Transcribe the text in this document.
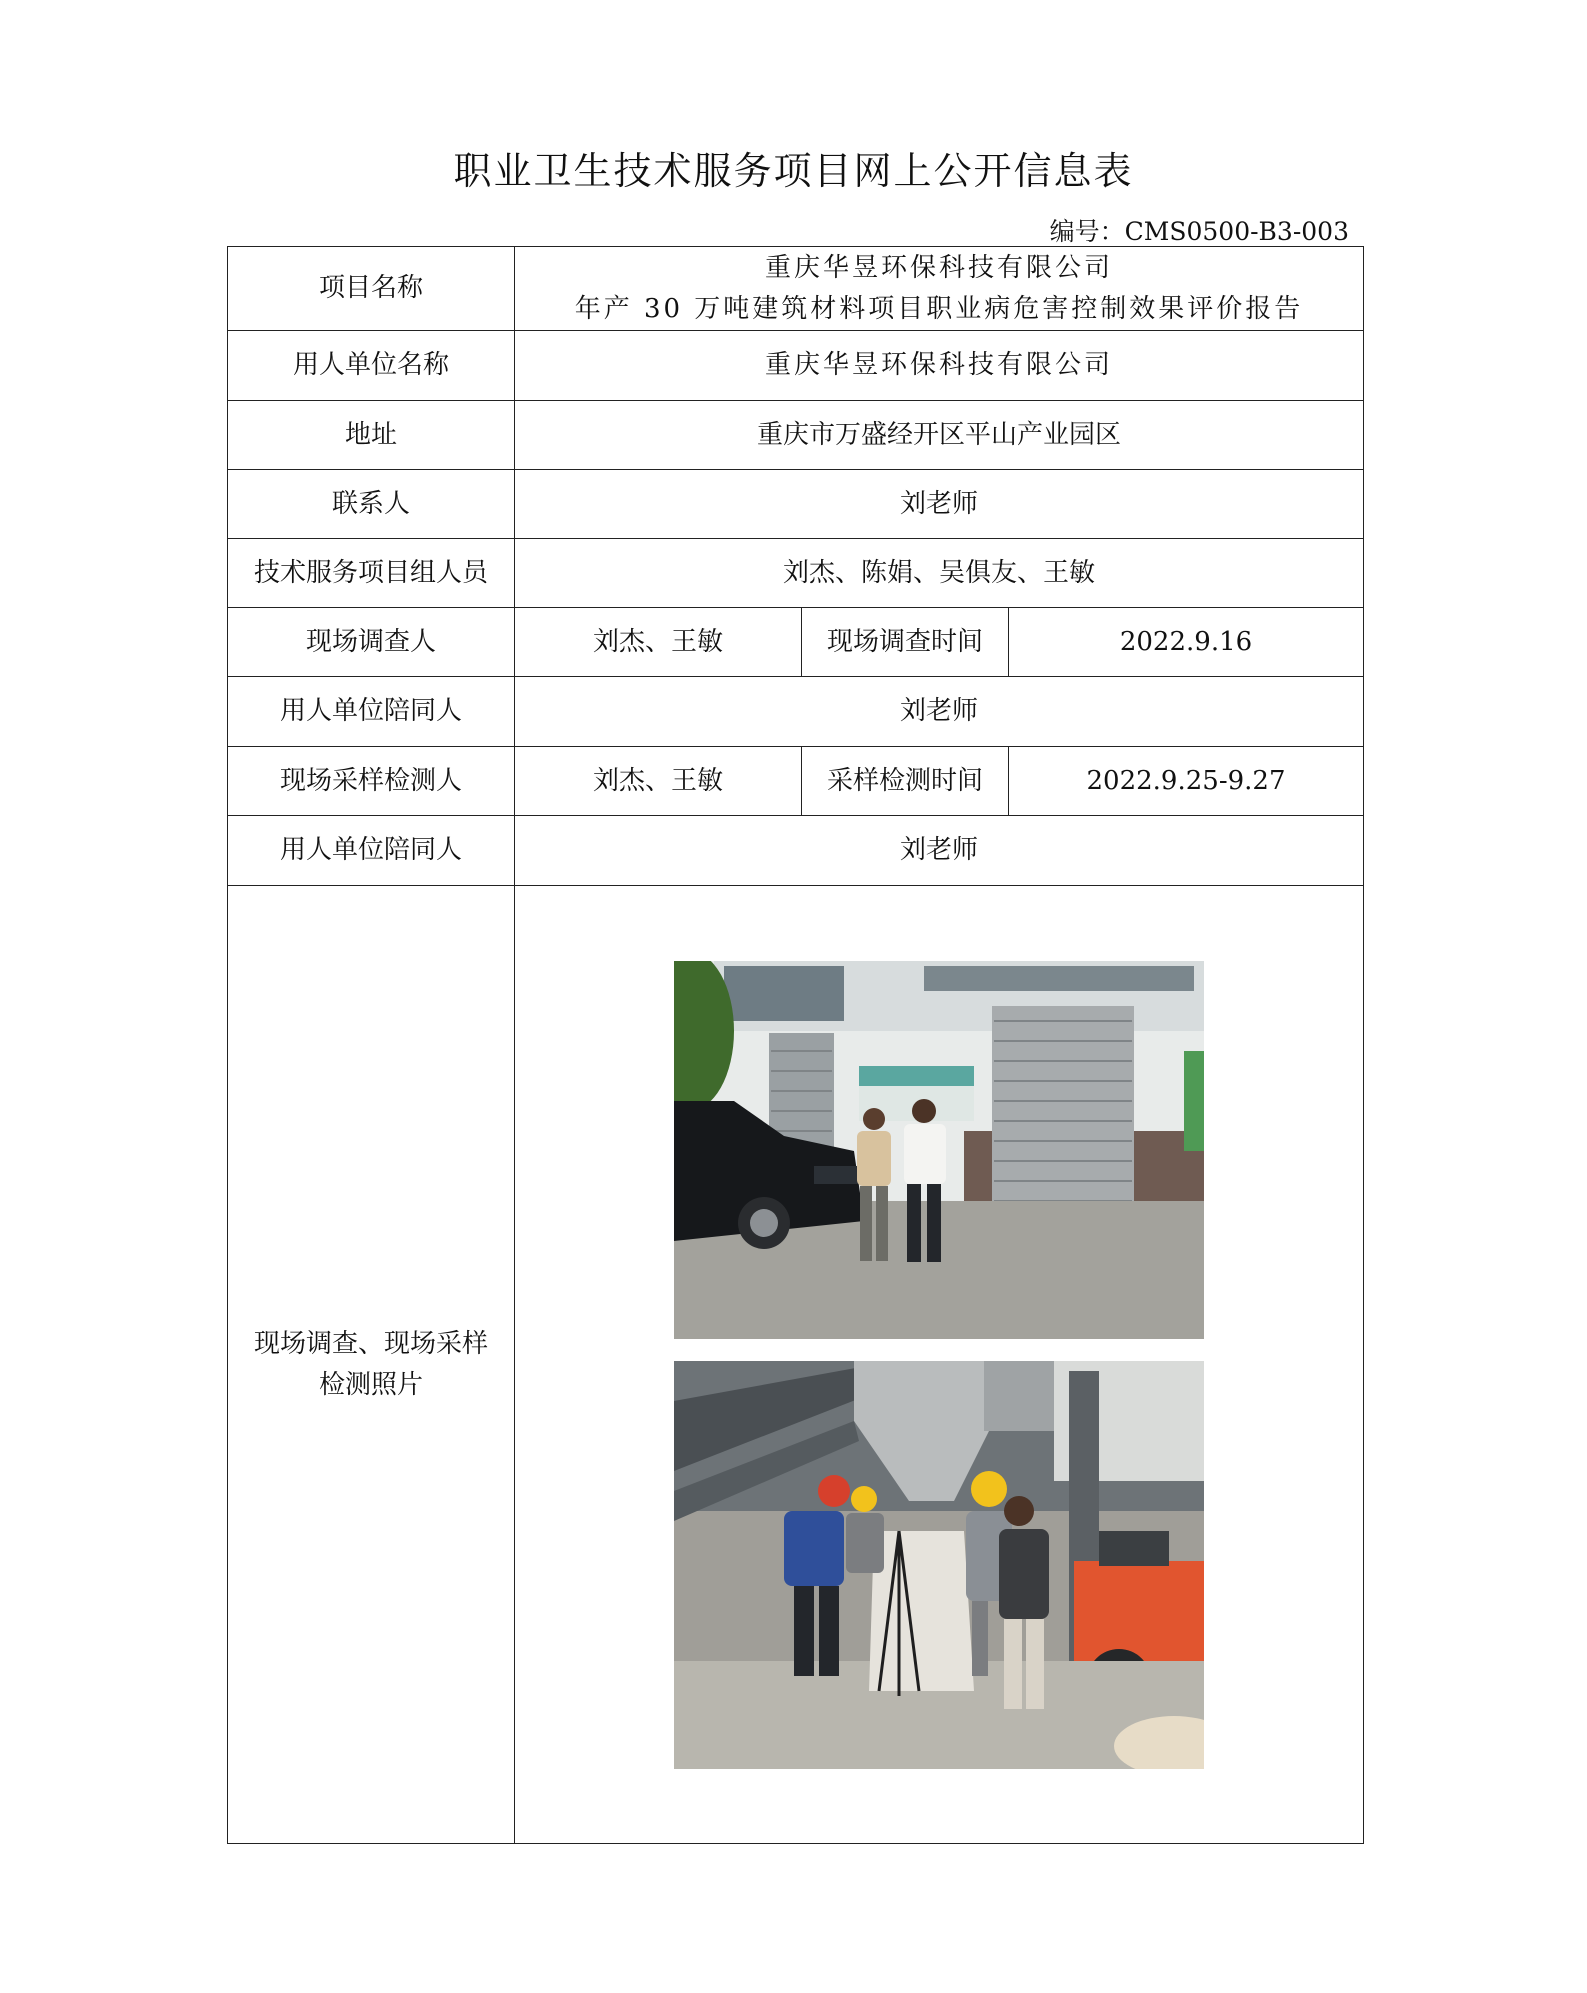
职业卫生技术服务项目网上公开信息表
编号：CMS0500-B3-003
项目名称	重庆华昱环保科技有限公司
年产 30 万吨建筑材料项目职业病危害控制效果评价报告		

用人单位名称	重庆华昱环保科技有限公司		
地址	重庆市万盛经开区平山产业园区		
联系人	刘老师		
技术服务项目组人员	刘杰、陈娟、吴俱友、王敏		
现场调查人	刘杰、王敏	现场调查时间	2022.9.16
用人单位陪同人	刘老师		
现场采样检测人	刘杰、王敏	采样检测时间	2022.9.25-9.27
用人单位陪同人	刘老师		

现场调查、现场采样
检测照片
